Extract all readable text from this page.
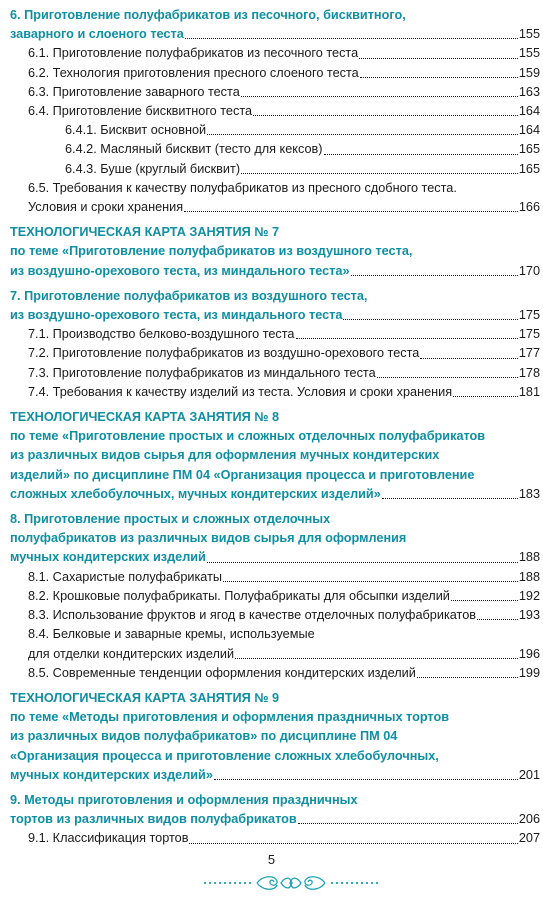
6. Приготовление полуфабрикатов из песочного, бисквитного,
заварного и слоеного теста	155
6.1. Приготовление полуфабрикатов из песочного теста	155
6.2. Технология приготовления пресного слоеного теста	159
6.3. Приготовление заварного теста	163
6.4. Приготовление бисквитного теста	164
6.4.1. Бисквит основной	164
6.4.2. Масляный бисквит (тесто для кексов)	165
6.4.3. Буше (круглый бисквит)	165
6.5. Требования к качеству полуфабрикатов из пресного сдобного теста.
Условия и сроки хранения	166
ТЕХНОЛОГИЧЕСКАЯ КАРТА ЗАНЯТИЯ № 7
по теме «Приготовление полуфабрикатов из воздушного теста,
из воздушно-орехового теста, из миндального теста»	170
7. Приготовление полуфабрикатов из воздушного теста,
из воздушно-орехового теста, из миндального теста	175
7.1. Производство белково-воздушного теста	175
7.2. Приготовление полуфабрикатов из воздушно-орехового теста	177
7.3. Приготовление полуфабрикатов из миндального теста	178
7.4. Требования к качеству изделий из теста. Условия и сроки хранения	181
ТЕХНОЛОГИЧЕСКАЯ КАРТА ЗАНЯТИЯ № 8
по теме «Приготовление простых и сложных отделочных полуфабрикатов
из различных видов сырья для оформления мучных кондитерских
изделий» по дисциплине ПМ 04 «Организация процесса и приготовление
сложных хлебобулочных, мучных кондитерских изделий»	183
8. Приготовление простых и сложных отделочных
полуфабрикатов из различных видов сырья для оформления
мучных кондитерских изделий	188
8.1. Сахаристые полуфабрикаты	188
8.2. Крошковые полуфабрикаты. Полуфабрикаты для обсыпки изделий	192
8.3. Использование фруктов и ягод в качестве отделочных полуфабрикатов	193
8.4. Белковые и заварные кремы, используемые
для отделки кондитерских изделий	196
8.5. Современные тенденции оформления кондитерских изделий	199
ТЕХНОЛОГИЧЕСКАЯ КАРТА ЗАНЯТИЯ № 9
по теме «Методы приготовления и оформления праздничных тортов
из различных видов полуфабрикатов» по дисциплине ПМ 04
«Организация процесса и приготовление сложных хлебобулочных,
мучных кондитерских изделий»	201
9. Методы приготовления и оформления праздничных
тортов из различных видов полуфабрикатов	206
9.1. Классификация тортов	207
5
